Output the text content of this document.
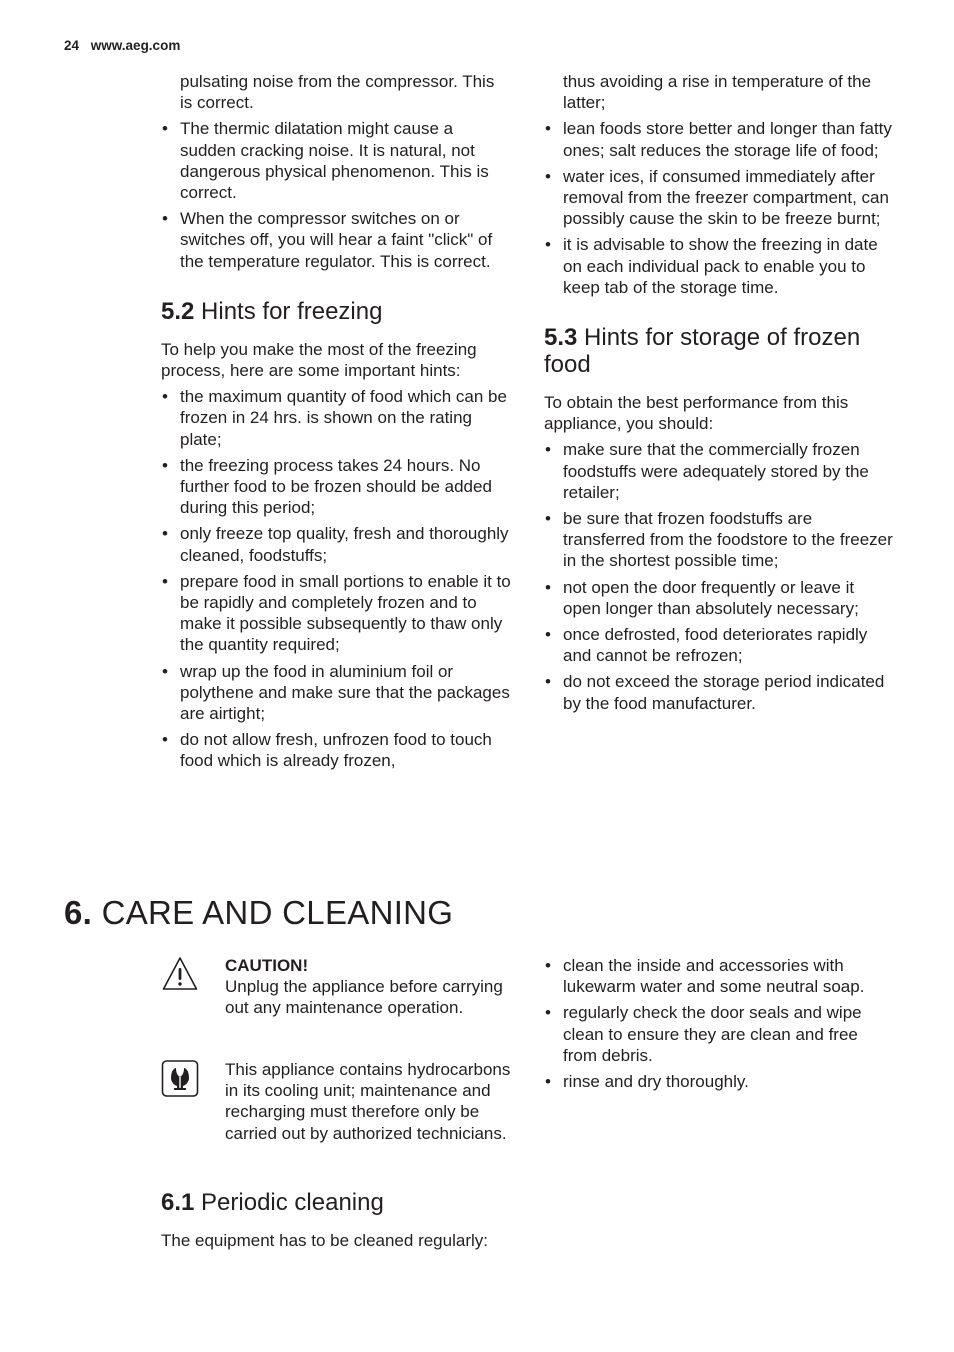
24 www.aeg.com
pulsating noise from the compressor. This is correct.
• The thermic dilatation might cause a sudden cracking noise. It is natural, not dangerous physical phenomenon. This is correct.
• When the compressor switches on or switches off, you will hear a faint "click" of the temperature regulator. This is correct.
5.2 Hints for freezing

To help you make the most of the freezing process, here are some important hints:

• the maximum quantity of food which can be frozen in 24 hrs. is shown on the rating plate;
• the freezing process takes 24 hours. No further food to be frozen should be added during this period;
• only freeze top quality, fresh and thoroughly cleaned, foodstuffs;
• prepare food in small portions to enable it to be rapidly and completely frozen and to make it possible subsequently to thaw only the quantity required;
• wrap up the food in aluminium foil or polythene and make sure that the packages are airtight;
• do not allow fresh, unfrozen food to touch food which is already frozen,
thus avoiding a rise in temperature of the latter;
• lean foods store better and longer than fatty ones; salt reduces the storage life of food;
• water ices, if consumed immediately after removal from the freezer compartment, can possibly cause the skin to be freeze burnt;
• it is advisable to show the freezing in date on each individual pack to enable you to keep tab of the storage time.
5.3 Hints for storage of frozen food

To obtain the best performance from this appliance, you should:

• make sure that the commercially frozen foodstuffs were adequately stored by the retailer;
• be sure that frozen foodstuffs are transferred from the foodstore to the freezer in the shortest possible time;
• not open the door frequently or leave it open longer than absolutely necessary;
• once defrosted, food deteriorates rapidly and cannot be refrozen;
• do not exceed the storage period indicated by the food manufacturer.
6. CARE AND CLEANING
CAUTION!
Unplug the appliance before carrying out any maintenance operation.
This appliance contains hydrocarbons in its cooling unit; maintenance and recharging must therefore only be carried out by authorized technicians.
6.1 Periodic cleaning

The equipment has to be cleaned regularly:

• clean the inside and accessories with lukewarm water and some neutral soap.
• regularly check the door seals and wipe clean to ensure they are clean and free from debris.
• rinse and dry thoroughly.
